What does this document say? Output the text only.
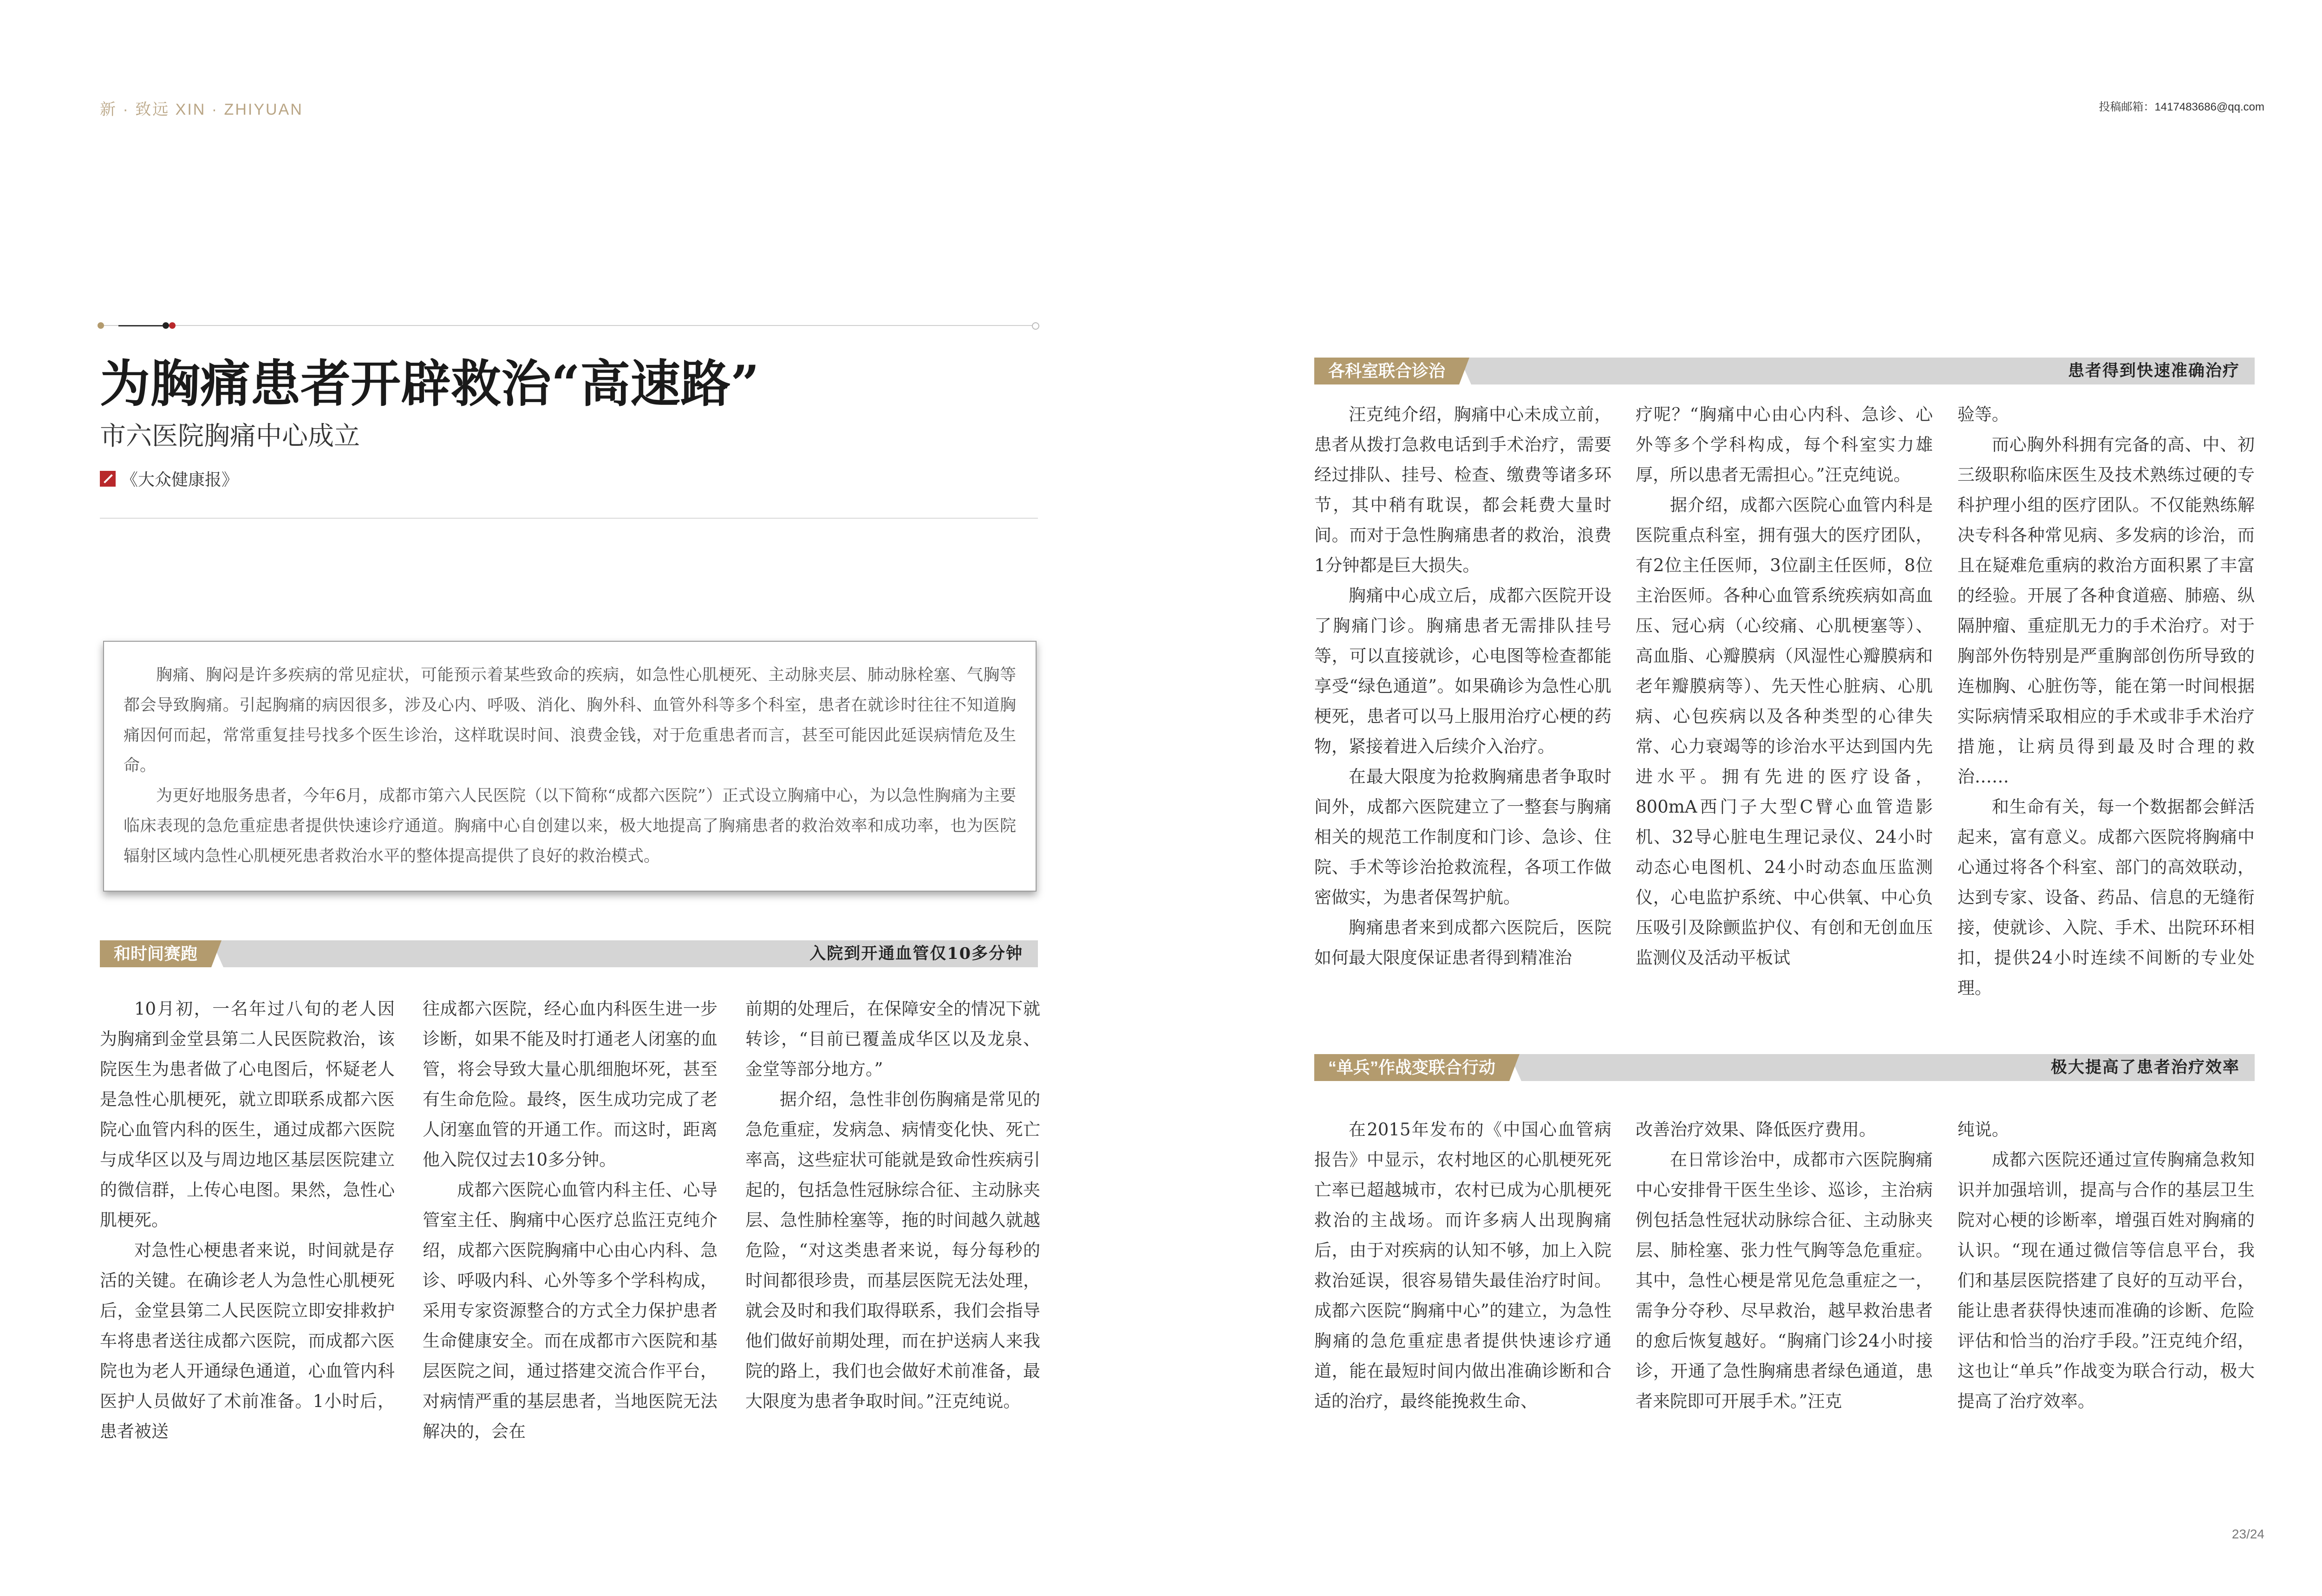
新 · 致远 XIN · ZHIYUAN	投稿邮箱：1417483686@qq.com
为胸痛患者开辟救治“高速路”
市六医院胸痛中心成立
《大众健康报》

胸痛、胸闷是许多疾病的常见症状，可能预示着某些致命的疾病，如急性心肌梗死、主动脉夹层、肺动脉栓塞、气胸等都会导致胸痛。引起胸痛的病因很多，涉及心内、呼吸、消化、胸外科、血管外科等多个科室，患者在就诊时往往不知道胸痛因何而起，常常重复挂号找多个医生诊治，这样耽误时间、浪费金钱，对于危重患者而言，甚至可能因此延误病情危及生命。

为更好地服务患者，今年6月，成都市第六人民医院（以下简称“成都六医院”）正式设立胸痛中心，为以急性胸痛为主要临床表现的急危重症患者提供快速诊疗通道。胸痛中心自创建以来，极大地提高了胸痛患者的救治效率和成功率，也为医院辐射区域内急性心肌梗死患者救治水平的整体提高提供了良好的救治模式。

和时间赛跑	入院到开通血管仅10多分钟

10月初，一名年过八旬的老人因为胸痛到金堂县第二人民医院救治，该院医生为患者做了心电图后，怀疑老人是急性心肌梗死，就立即联系成都六医院心血管内科的医生，通过成都六医院与成华区以及与周边地区基层医院建立的微信群，上传心电图。果然，急性心肌梗死。

对急性心梗患者来说，时间就是存活的关键。在确诊老人为急性心肌梗死后，金堂县第二人民医院立即安排救护车将患者送往成都六医院，而成都六医院也为老人开通绿色通道，心血管内科医护人员做好了术前准备。1小时后，患者被送

往成都六医院，经心血内科医生进一步诊断，如果不能及时打通老人闭塞的血管，将会导致大量心肌细胞坏死，甚至有生命危险。最终，医生成功完成了老人闭塞血管的开通工作。而这时，距离他入院仅过去10多分钟。

成都六医院心血管内科主任、心导管室主任、胸痛中心医疗总监汪克纯介绍，成都六医院胸痛中心由心内科、急诊、呼吸内科、心外等多个学科构成，采用专家资源整合的方式全力保护患者生命健康安全。而在成都市六医院和基层医院之间，通过搭建交流合作平台，对病情严重的基层患者，当地医院无法解决的，会在

前期的处理后，在保障安全的情况下就转诊，“目前已覆盖成华区以及龙泉、金堂等部分地方。”

据介绍，急性非创伤胸痛是常见的急危重症，发病急、病情变化快、死亡率高，这些症状可能就是致命性疾病引起的，包括急性冠脉综合征、主动脉夹层、急性肺栓塞等，拖的时间越久就越危险，“对这类患者来说，每分每秒的时间都很珍贵，而基层医院无法处理，就会及时和我们取得联系，我们会指导他们做好前期处理，而在护送病人来我院的路上，我们也会做好术前准备，最大限度为患者争取时间。”汪克纯说。

各科室联合诊治	患者得到快速准确治疗

汪克纯介绍，胸痛中心未成立前，患者从拨打急救电话到手术治疗，需要经过排队、挂号、检查、缴费等诸多环节，其中稍有耽误，都会耗费大量时间。而对于急性胸痛患者的救治，浪费1分钟都是巨大损失。

胸痛中心成立后，成都六医院开设了胸痛门诊。胸痛患者无需排队挂号等，可以直接就诊，心电图等检查都能享受“绿色通道”。如果确诊为急性心肌梗死，患者可以马上服用治疗心梗的药物，紧接着进入后续介入治疗。

在最大限度为抢救胸痛患者争取时间外，成都六医院建立了一整套与胸痛相关的规范工作制度和门诊、急诊、住院、手术等诊治抢救流程，各项工作做密做实，为患者保驾护航。

胸痛患者来到成都六医院后，医院如何最大限度保证患者得到精准治

疗呢？“胸痛中心由心内科、急诊、心外等多个学科构成，每个科室实力雄厚，所以患者无需担心。”汪克纯说。

据介绍，成都六医院心血管内科是医院重点科室，拥有强大的医疗团队，有2位主任医师，3位副主任医师，8位主治医师。各种心血管系统疾病如高血压、冠心病（心绞痛、心肌梗塞等）、高血脂、心瓣膜病（风湿性心瓣膜病和老年瓣膜病等）、先天性心脏病、心肌病、心包疾病以及各种类型的心律失常、心力衰竭等的诊治水平达到国内先进水平。拥有先进的医疗设备，800mA西门子大型C臂心血管造影机、32导心脏电生理记录仪、24小时动态心电图机、24小时动态血压监测仪，心电监护系统、中心供氧、中心负压吸引及除颤监护仪、有创和无创血压监测仪及活动平板试

验等。

而心胸外科拥有完备的高、中、初三级职称临床医生及技术熟练过硬的专科护理小组的医疗团队。不仅能熟练解决专科各种常见病、多发病的诊治，而且在疑难危重病的救治方面积累了丰富的经验。开展了各种食道癌、肺癌、纵隔肿瘤、重症肌无力的手术治疗。对于胸部外伤特别是严重胸部创伤所导致的连枷胸、心脏伤等，能在第一时间根据实际病情采取相应的手术或非手术治疗措施，让病员得到最及时合理的救治……

和生命有关，每一个数据都会鲜活起来，富有意义。成都六医院将胸痛中心通过将各个科室、部门的高效联动，达到专家、设备、药品、信息的无缝衔接，使就诊、入院、手术、出院环环相扣，提供24小时连续不间断的专业处理。

“单兵”作战变联合行动	极大提高了患者治疗效率

在2015年发布的《中国心血管病报告》中显示，农村地区的心肌梗死死亡率已超越城市，农村已成为心肌梗死救治的主战场。而许多病人出现胸痛后，由于对疾病的认知不够，加上入院救治延误，很容易错失最佳治疗时间。成都六医院“胸痛中心”的建立，为急性胸痛的急危重症患者提供快速诊疗通道，能在最短时间内做出准确诊断和合适的治疗，最终能挽救生命、

改善治疗效果、降低医疗费用。

在日常诊治中，成都市六医院胸痛中心安排骨干医生坐诊、巡诊，主治病例包括急性冠状动脉综合征、主动脉夹层、肺栓塞、张力性气胸等急危重症。其中，急性心梗是常见危急重症之一，需争分夺秒、尽早救治，越早救治患者的愈后恢复越好。“胸痛门诊24小时接诊，开通了急性胸痛患者绿色通道，患者来院即可开展手术。”汪克

纯说。

成都六医院还通过宣传胸痛急救知识并加强培训，提高与合作的基层卫生院对心梗的诊断率，增强百姓对胸痛的认识。“现在通过微信等信息平台，我们和基层医院搭建了良好的互动平台，能让患者获得快速而准确的诊断、危险评估和恰当的治疗手段。”汪克纯介绍，这也让“单兵”作战变为联合行动，极大提高了治疗效率。

23/24
